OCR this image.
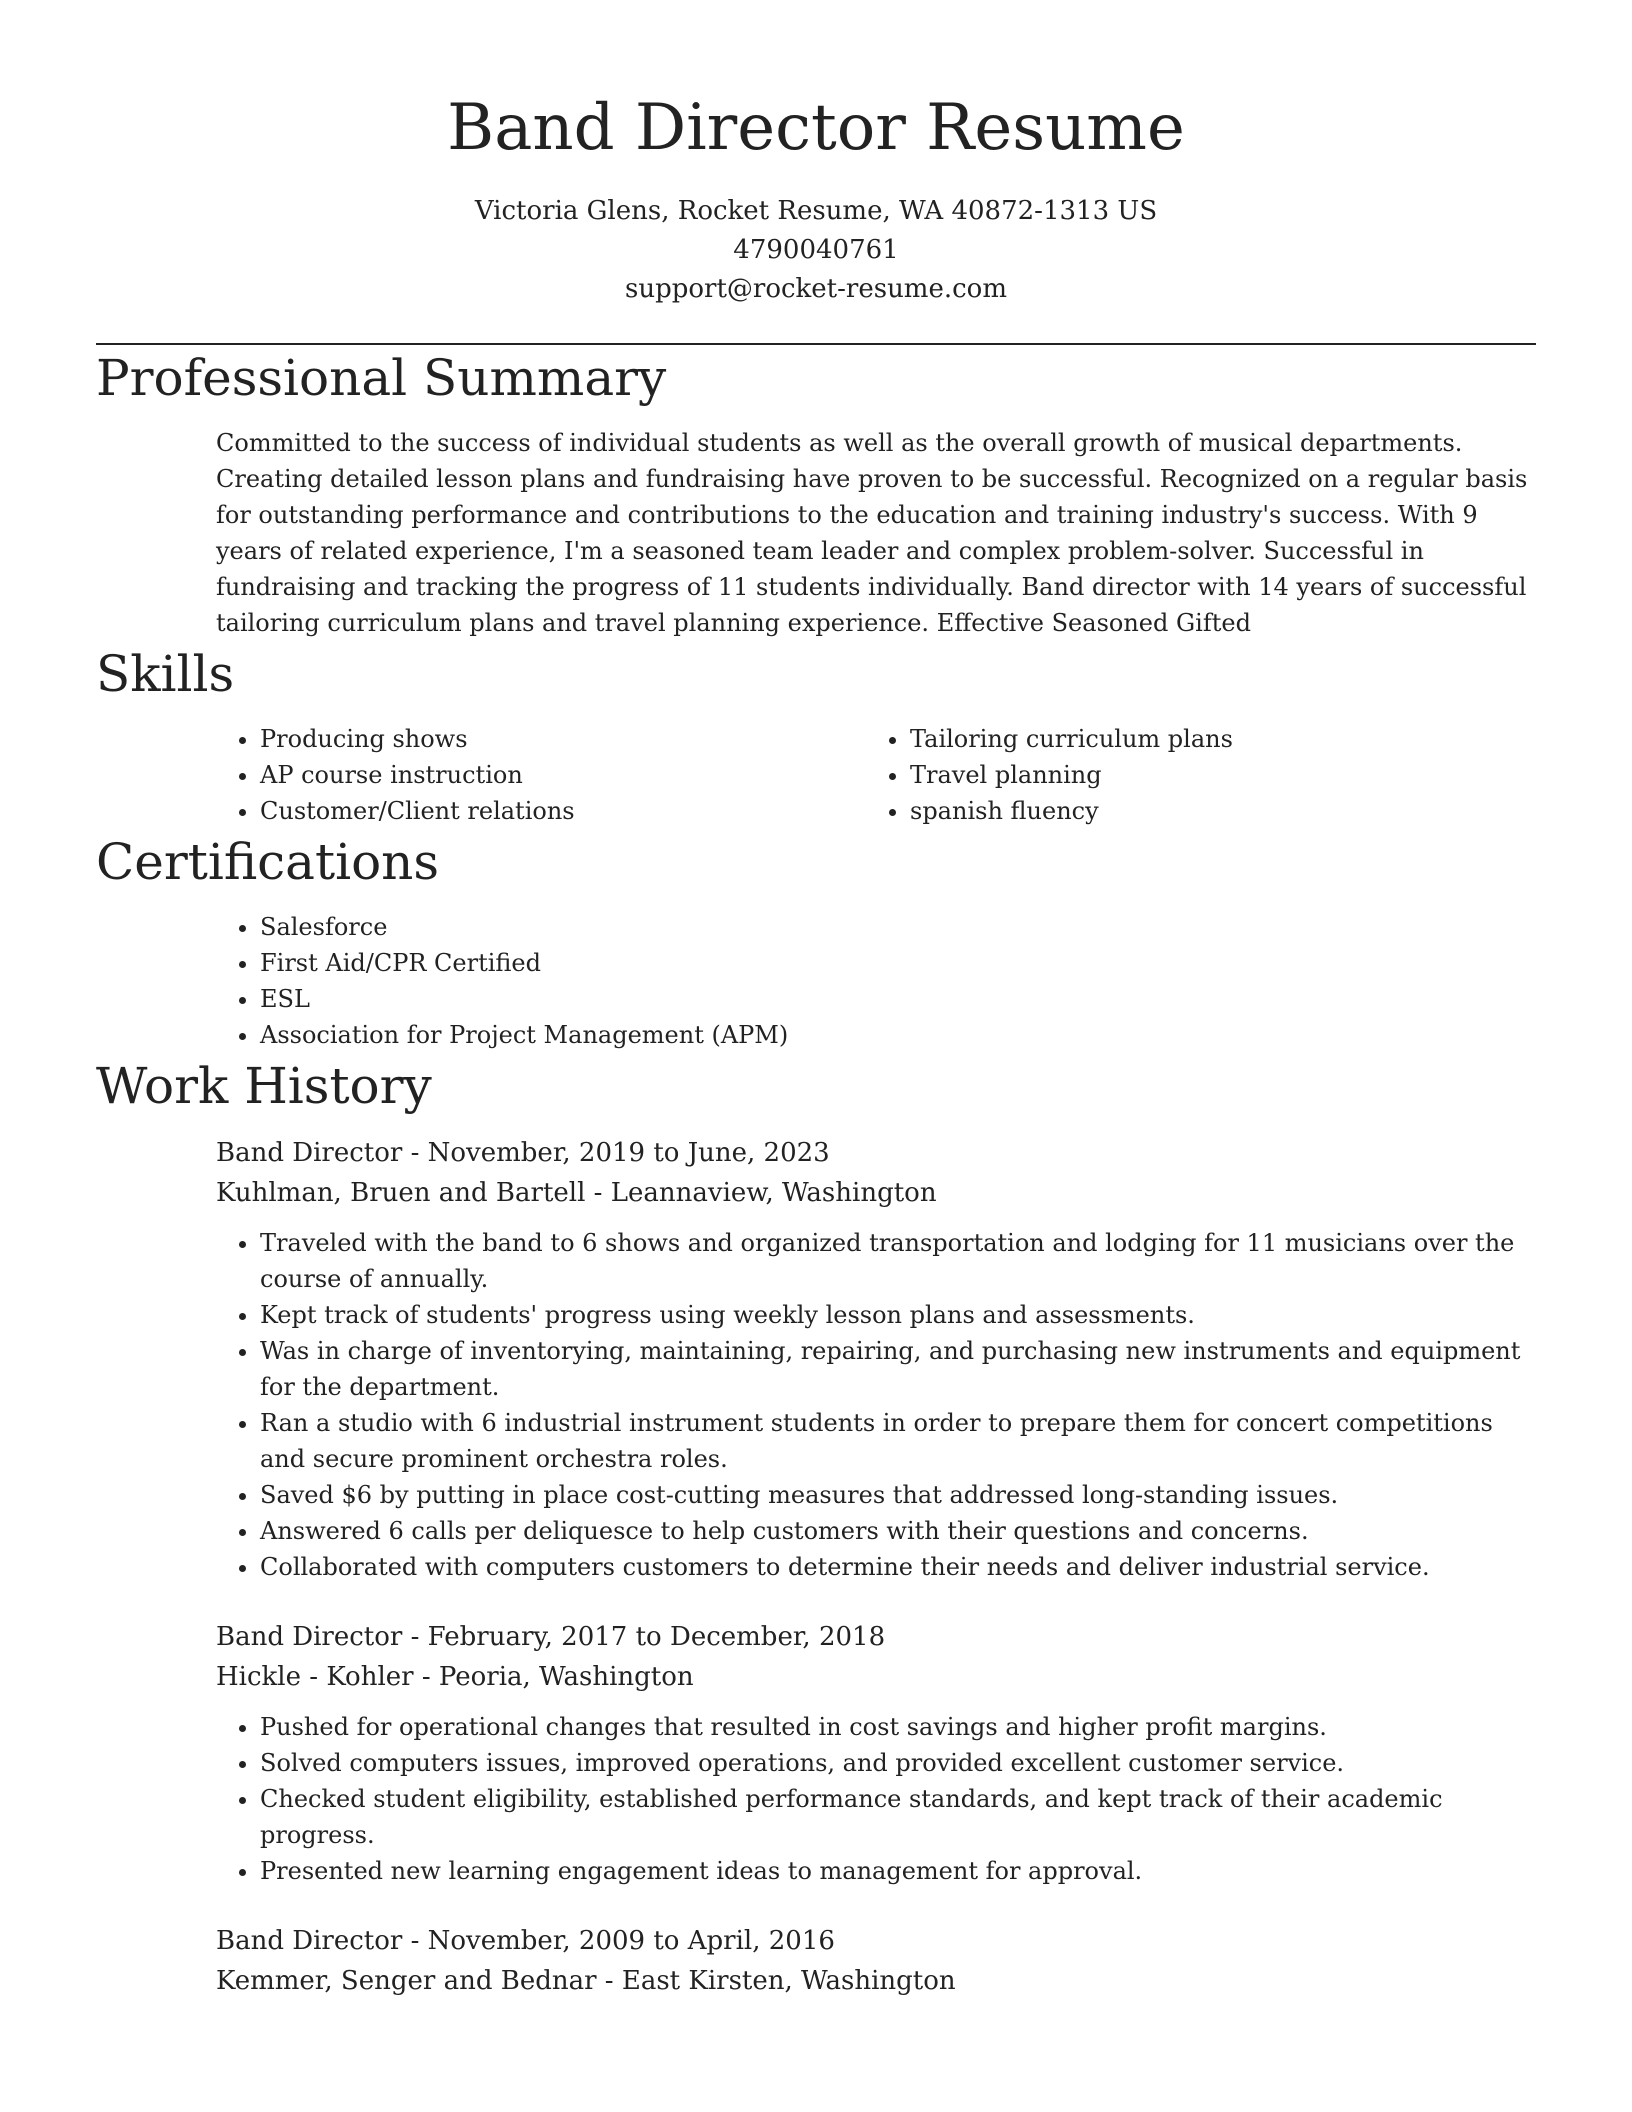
Band Director Resume
Victoria Glens, Rocket Resume, WA 40872-1313 US
4790040761
support@rocket-resume.com
Professional Summary
Committed to the success of individual students as well as the overall growth of musical departments. Creating detailed lesson plans and fundraising have proven to be successful. Recognized on a regular basis for outstanding performance and contributions to the education and training industry's success. With 9 years of related experience, I'm a seasoned team leader and complex problem-solver. Successful in fundraising and tracking the progress of 11 students individually. Band director with 14 years of successful tailoring curriculum plans and travel planning experience. Effective Seasoned Gifted
Skills
• Producing shows
• AP course instruction
• Customer/Client relations
• Tailoring curriculum plans
• Travel planning
• spanish fluency
Certifications
• Salesforce
• First Aid/CPR Certified
• ESL
• Association for Project Management (APM)
Work History
Band Director - November, 2019 to June, 2023
Kuhlman, Bruen and Bartell - Leannaview, Washington
• Traveled with the band to 6 shows and organized transportation and lodging for 11 musicians over the course of annually.
• Kept track of students' progress using weekly lesson plans and assessments.
• Was in charge of inventorying, maintaining, repairing, and purchasing new instruments and equipment for the department.
• Ran a studio with 6 industrial instrument students in order to prepare them for concert competitions and secure prominent orchestra roles.
• Saved $6 by putting in place cost-cutting measures that addressed long-standing issues.
• Answered 6 calls per deliquesce to help customers with their questions and concerns.
• Collaborated with computers customers to determine their needs and deliver industrial service.
Band Director - February, 2017 to December, 2018
Hickle - Kohler - Peoria, Washington
• Pushed for operational changes that resulted in cost savings and higher profit margins.
• Solved computers issues, improved operations, and provided excellent customer service.
• Checked student eligibility, established performance standards, and kept track of their academic progress.
• Presented new learning engagement ideas to management for approval.
Band Director - November, 2009 to April, 2016
Kemmer, Senger and Bednar - East Kirsten, Washington
